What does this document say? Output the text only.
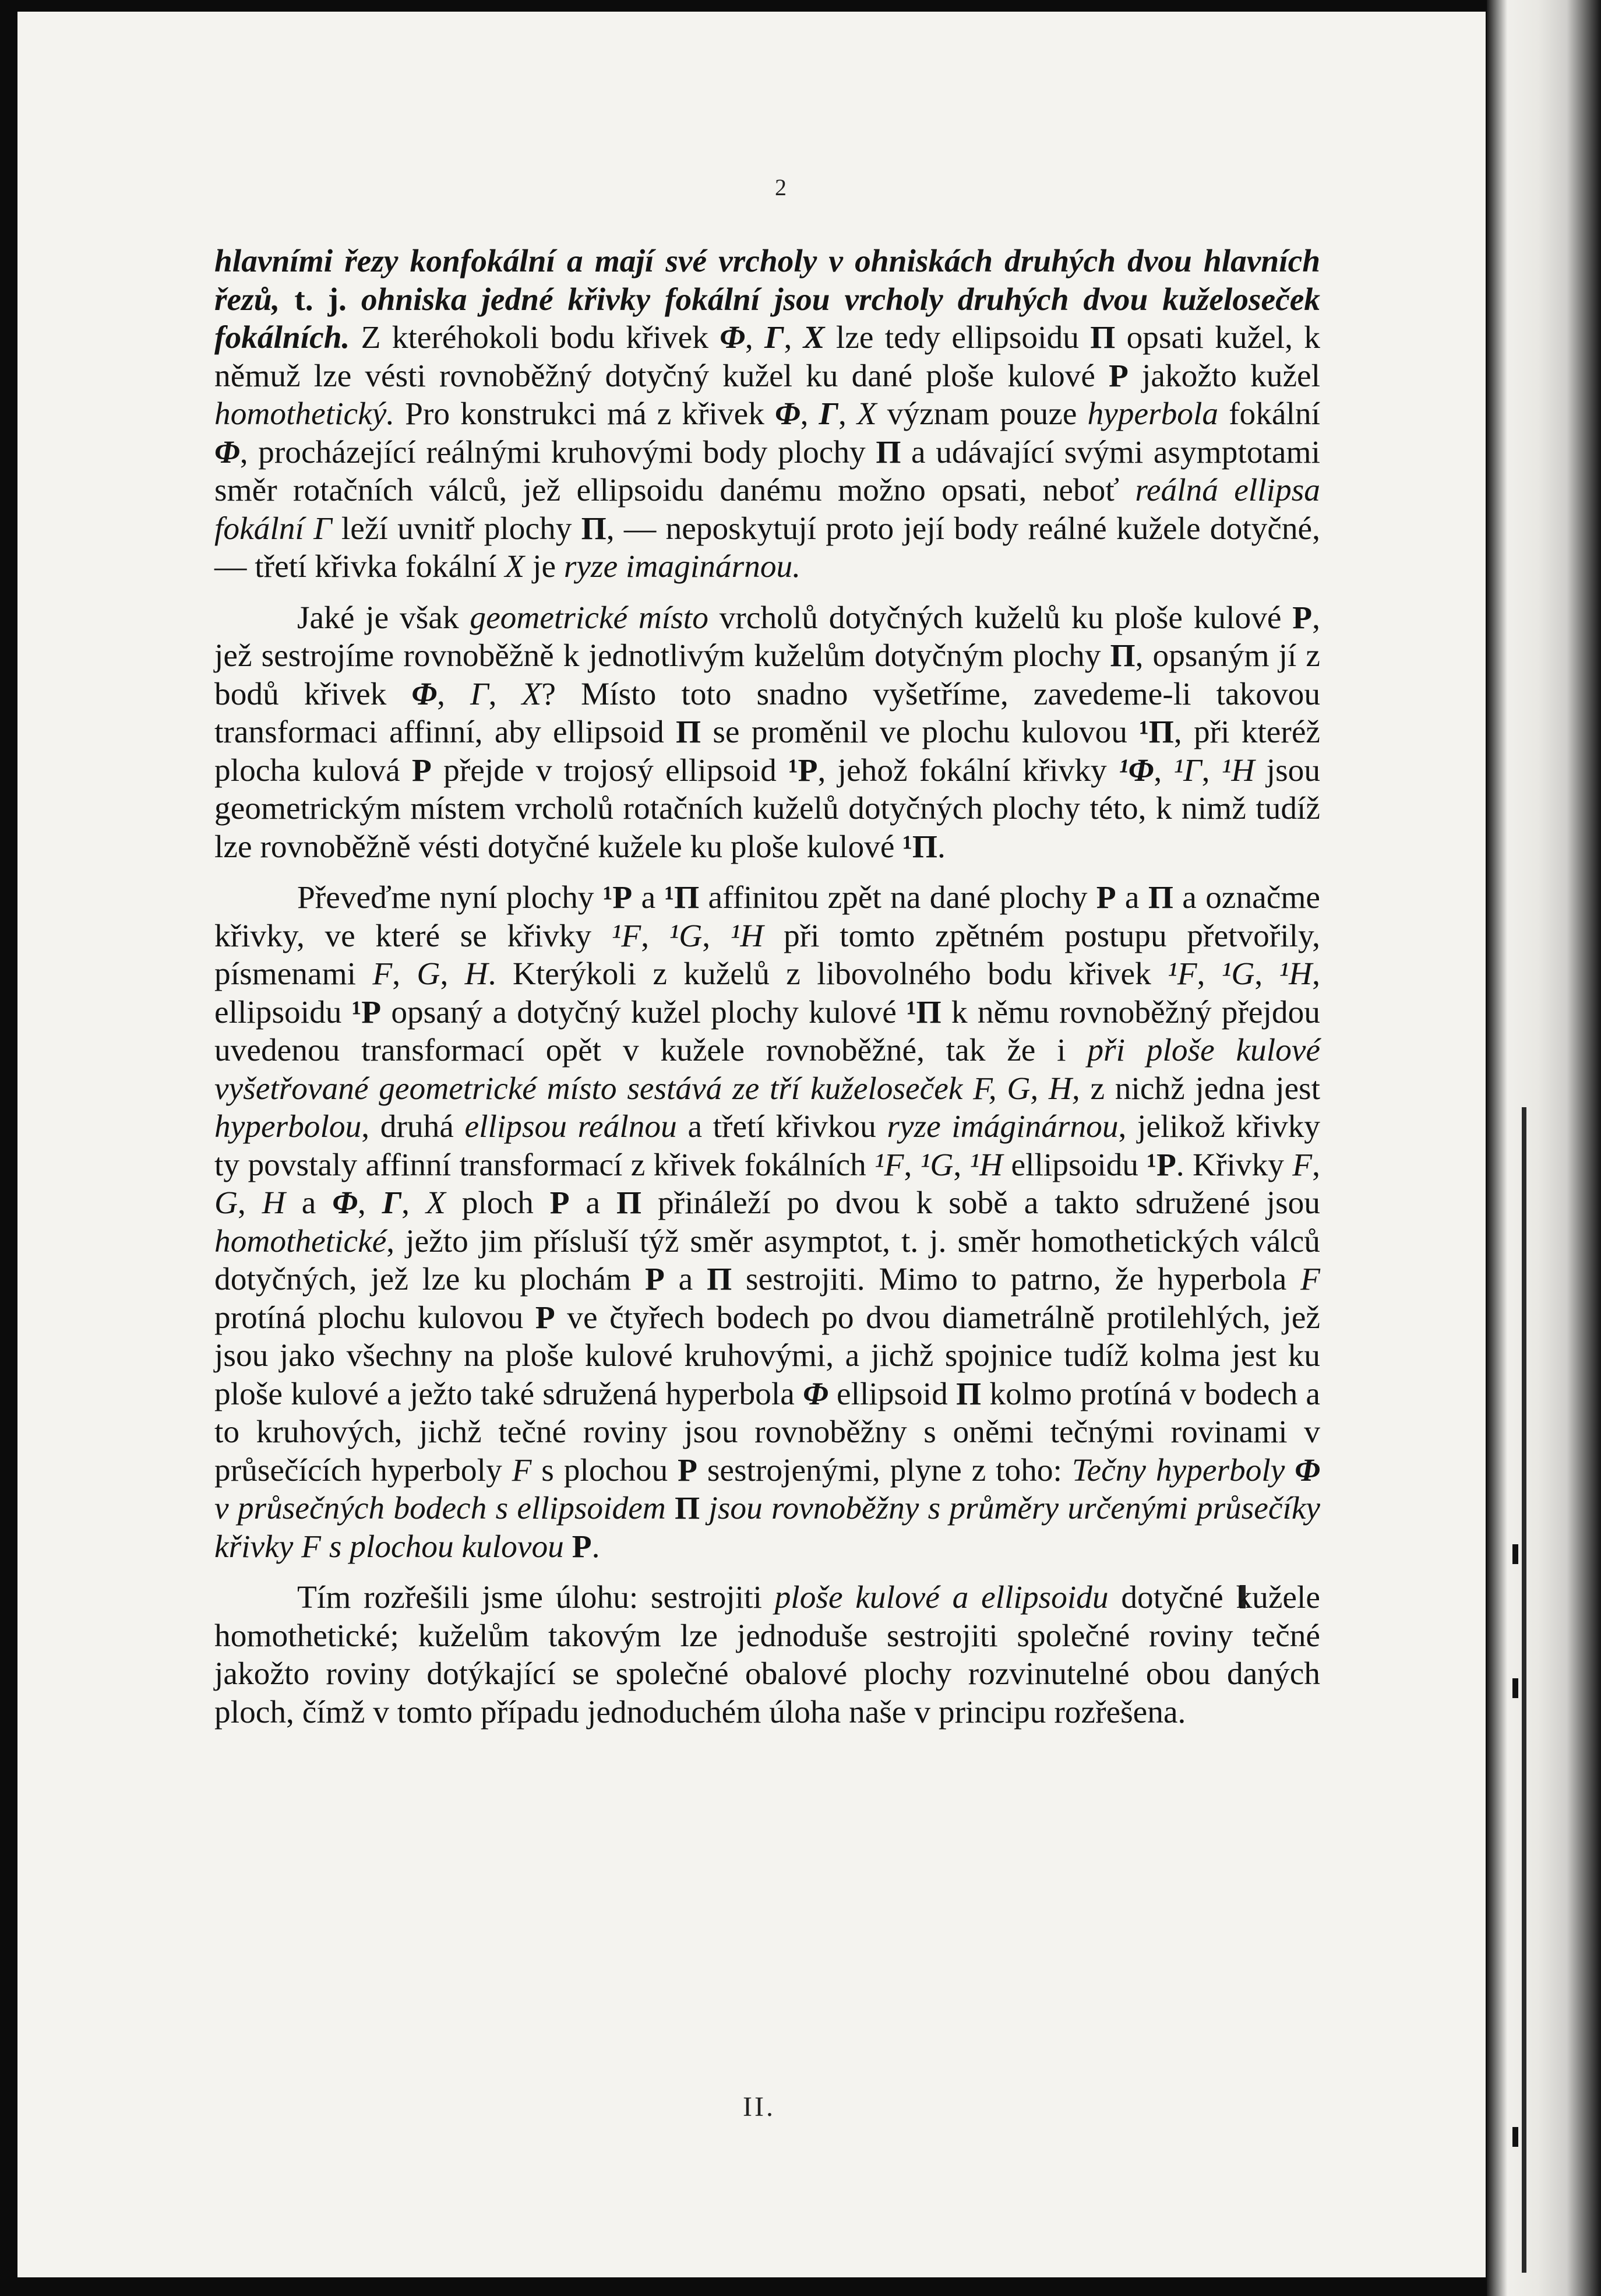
2

hlavními řezy konfokální a mají své vrcholy v ohniskách druhých dvou hlavních řezů, t. j. ohniska jedné křivky fokální jsou vrcholy druhých dvou kuželoseček fokálních. Z kteréhokoli bodu křivek Φ, Γ, X lze tedy ellipsoidu Π opsati kužel, k němuž lze vésti rovnoběžný dotyčný kužel ku dané ploše kulové Ρ jakožto kužel homothetický. Pro konstrukci má z křivek Φ, Γ, X význam pouze hyperbola fokální Φ, procházející reálnými kruhovými body plochy Π a udávající svými asymptotami směr rotačních válců, jež ellipsoidu danému možno opsati, neboť reálná ellipsa fokální Γ leží uvnitř plochy Π, — neposkytují proto její body reálné kužele dotyčné, — třetí křivka fokální X je ryze imaginárnou.

Jaké je však geometrické místo vrcholů dotyčných kuželů ku ploše kulové Ρ, jež sestrojíme rovnoběžně k jednotlivým kuželům dotyčným plochy Π, opsaným jí z bodů křivek Φ, Γ, X? Místo toto snadno vyšetříme, zavedeme-li takovou transformaci affinní, aby ellipsoid Π se proměnil ve plochu kulovou ¹Π, při kteréž plocha kulová Ρ přejde v trojosý ellipsoid ¹Ρ, jehož fokální křivky ¹Φ, ¹Γ, ¹H jsou geometrickým místem vrcholů rotačních kuželů dotyčných plochy této, k nimž tudíž lze rovnoběžně vésti dotyčné kužele ku ploše kulové ¹Π.

Převeďme nyní plochy ¹Ρ a ¹Π affinitou zpět na dané plochy Ρ a Π a označme křivky, ve které se křivky ¹F, ¹G, ¹H při tomto zpětném postupu přetvořily, písmenami F, G, H. Kterýkoli z kuželů z libovolného bodu křivek ¹F, ¹G, ¹H, ellipsoidu ¹Ρ opsaný a dotyčný kužel plochy kulové ¹Π k němu rovnoběžný přejdou uvedenou transformací opět v kužele rovnoběžné, tak že i při ploše kulové vyšetřované geometrické místo sestává ze tří kuželoseček F, G, H, z nichž jedna jest hyperbolou, druhá ellipsou reálnou a třetí křivkou ryze imáginárnou, jelikož křivky ty povstaly affinní transformací z křivek fokálních ¹F, ¹G, ¹H ellipsoidu ¹Ρ. Křivky F, G, H a Φ, Γ, X ploch Ρ a Π přináleží po dvou k sobě a takto sdružené jsou homothetické, ježto jim přísluší týž směr asymptot, t. j. směr homothetických válců dotyčných, jež lze ku plochám Ρ a Π sestrojiti. Mimo to patrno, že hyperbola F protíná plochu kulovou Ρ ve čtyřech bodech po dvou diametrálně protilehlých, jež jsou jako všechny na ploše kulové kruhovými, a jichž spojnice tudíž kolma jest ku ploše kulové a ježto také sdružená hyperbola Φ ellipsoid Π kolmo protíná v bodech a to kruhových, jichž tečné roviny jsou rovnoběžny s oněmi tečnými rovinami v průsečících hyperboly F s plochou Ρ sestrojenými, plyne z toho: Tečny hyperboly Φ v průsečných bodech s ellipsoidem Π jsou rovnoběžny s průměry určenými průsečíky křivky F s plochou kulovou Ρ.

Tím rozřešili jsme úlohu: sestrojiti ploše kulové a ellipsoidu dotyčné kužele homothetické; kuželům takovým lze jednoduše sestrojiti společné roviny tečné jakožto roviny dotýkající se společné obalové plochy rozvinutelné obou daných ploch, čímž v tomto případu jednoduchém úloha naše v principu rozřešena.

II.
